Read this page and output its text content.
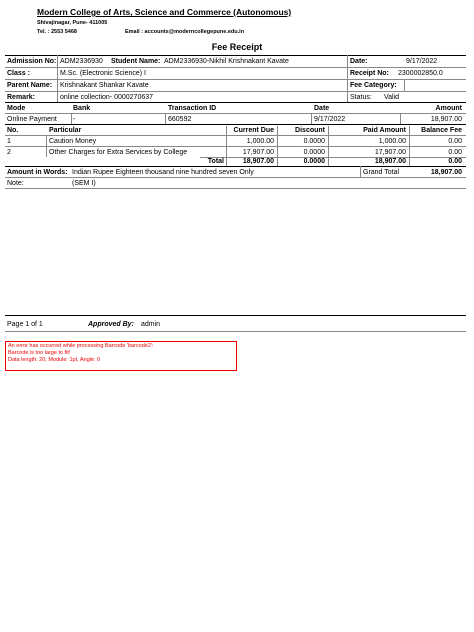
Modern College of Arts, Science and Commerce (Autonomous)
Shivajinagar, Pune- 411005
Tel. : 2553 5468	Email : accounts@moderncollegepune.edu.in
Fee Receipt
Admission No: ADM2336930 Student Name: ADM2336930-Nikhil Krishnakant Kavate	Date:	9/17/2022
Class :	M.Sc. (Electronic Science) I	Receipt No: 2300002850.0
Parent Name: Krishnakant Shankar Kavate	Fee Category:
Remark:	online collection- 0000270637	Status: Valid
Mode	Bank	Transaction ID	Date	Amount
Online Payment -	660592	9/17/2022	18,907.00
No.	Particular	Current Due	Discount	Paid Amount	Balance Fee
1	Caution Money	1,000.00	0.0000	1,000.00	0.00
2	Other Charges for Extra Services by College	17,907.00	0.0000	17,907.00	0.00
Total	18,907.00	0.0000	18,907.00	0.00
Amount in Words: Indian Rupee Eighteen thousand nine hundred seven Only	Grand Total	18,907.00
Note:	(SEM I)
Page 1 of 1	Approved By: admin
An error has occurred while processing Barcode 'barcode2':
Barcode is too large to fit!
Data length: 20, Module: 1pt, Angle: 0
